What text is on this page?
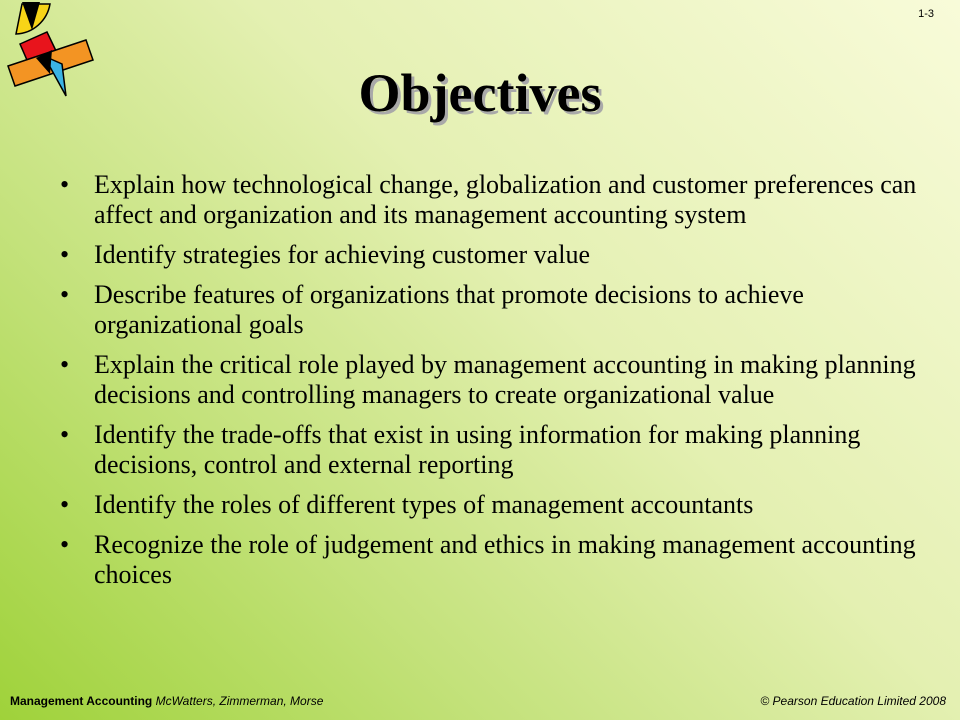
1-3
Objectives
• Explain how technological change, globalization and customer preferences can affect and organization and its management accounting system
• Identify strategies for achieving customer value
• Describe features of organizations that promote decisions to achieve organizational goals
• Explain the critical role played by management accounting in making planning decisions and controlling managers to create organizational value
• Identify the trade-offs that exist in using information for making planning decisions, control and external reporting
• Identify the roles of different types of management accountants
• Recognize the role of judgement and ethics in making management accounting choices
Management Accounting McWatters, Zimmerman, Morse	© Pearson Education Limited 2008
